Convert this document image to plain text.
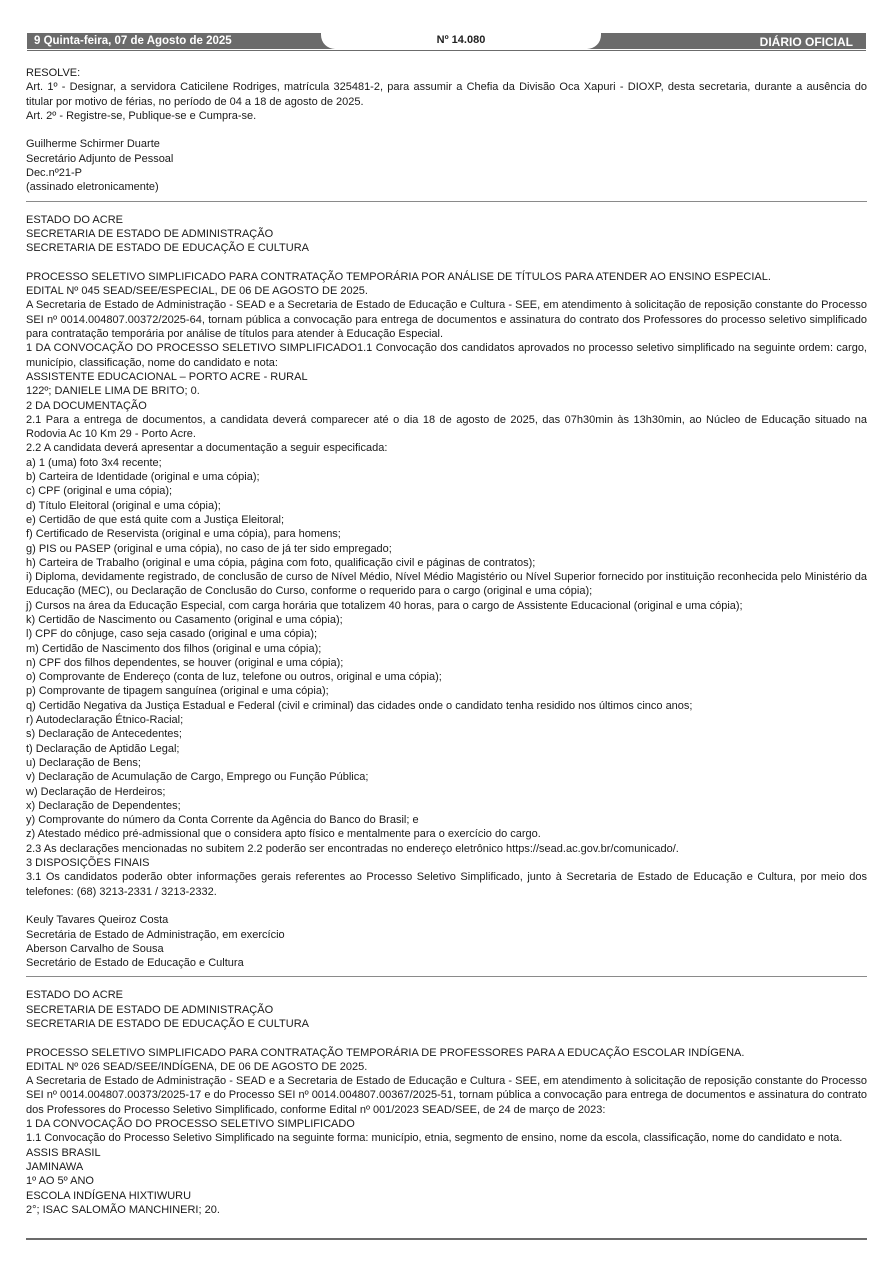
9 Quinta-feira, 07 de Agosto de 2025	Nº 14.080	DIÁRIO OFICIAL

RESOLVE:

Art. 1º - Designar, a servidora Caticilene Rodriges, matrícula 325481-2, para assumir a Chefia da Divisão Oca Xapuri - DIOXP, desta secretaria, durante a ausência do titular por motivo de férias, no período de 04 a 18 de agosto de 2025.

Art. 2º - Registre-se, Publique-se e Cumpra-se.

Guilherme Schirmer Duarte

Secretário Adjunto de Pessoal

Dec.nº21-P

(assinado eletronicamente)

ESTADO DO ACRE

SECRETARIA DE ESTADO DE ADMINISTRAÇÃO

SECRETARIA DE ESTADO DE EDUCAÇÃO E CULTURA

PROCESSO SELETIVO SIMPLIFICADO PARA CONTRATAÇÃO TEMPORÁRIA POR ANÁLISE DE TÍTULOS PARA ATENDER AO ENSINO ESPECIAL.

EDITAL Nº 045 SEAD/SEE/ESPECIAL, DE 06 DE AGOSTO DE 2025.

A Secretaria de Estado de Administração - SEAD e a Secretaria de Estado de Educação e Cultura - SEE, em atendimento à solicitação de reposição constante do Processo SEI nº 0014.004807.00372/2025-64, tornam pública a convocação para entrega de documentos e assinatura do contrato dos Professores do processo seletivo simplificado para contratação temporária por análise de títulos para atender à Educação Especial.

1 DA CONVOCAÇÃO DO PROCESSO SELETIVO SIMPLIFICADO1.1 Convocação dos candidatos aprovados no processo seletivo simplificado na seguinte ordem: cargo, município, classificação, nome do candidato e nota:

ASSISTENTE EDUCACIONAL – PORTO ACRE - RURAL

122º; DANIELE LIMA DE BRITO; 0.

2 DA DOCUMENTAÇÃO

2.1 Para a entrega de documentos, a candidata deverá comparecer até o dia 18 de agosto de 2025, das 07h30min às 13h30min, ao Núcleo de Educação situado na Rodovia Ac 10 Km 29 - Porto Acre.

2.2 A candidata deverá apresentar a documentação a seguir especificada:

a) 1 (uma) foto 3x4 recente;

b) Carteira de Identidade (original e uma cópia);

c) CPF (original e uma cópia);

d) Título Eleitoral (original e uma cópia);

e) Certidão de que está quite com a Justiça Eleitoral;

f) Certificado de Reservista (original e uma cópia), para homens;

g) PIS ou PASEP (original e uma cópia), no caso de já ter sido empregado;

h) Carteira de Trabalho (original e uma cópia, página com foto, qualificação civil e páginas de contratos);

i) Diploma, devidamente registrado, de conclusão de curso de Nível Médio, Nível Médio Magistério ou Nível Superior fornecido por instituição reconhecida pelo Ministério da Educação (MEC), ou Declaração de Conclusão do Curso, conforme o requerido para o cargo (original e uma cópia);

j) Cursos na área da Educação Especial, com carga horária que totalizem 40 horas, para o cargo de Assistente Educacional (original e uma cópia);

k) Certidão de Nascimento ou Casamento (original e uma cópia);

l) CPF do cônjuge, caso seja casado (original e uma cópia);

m) Certidão de Nascimento dos filhos (original e uma cópia);

n) CPF dos filhos dependentes, se houver (original e uma cópia);

o) Comprovante de Endereço (conta de luz, telefone ou outros, original e uma cópia);

p) Comprovante de tipagem sanguínea (original e uma cópia);

q) Certidão Negativa da Justiça Estadual e Federal (civil e criminal) das cidades onde o candidato tenha residido nos últimos cinco anos;

r) Autodeclaração Étnico-Racial;

s) Declaração de Antecedentes;

t) Declaração de Aptidão Legal;

u) Declaração de Bens;

v) Declaração de Acumulação de Cargo, Emprego ou Função Pública;

w) Declaração de Herdeiros;

x) Declaração de Dependentes;

y) Comprovante do número da Conta Corrente da Agência do Banco do Brasil; e

z) Atestado médico pré-admissional que o considera apto físico e mentalmente para o exercício do cargo.

2.3 As declarações mencionadas no subitem 2.2 poderão ser encontradas no endereço eletrônico https://sead.ac.gov.br/comunicado/.

3 DISPOSIÇÕES FINAIS

3.1 Os candidatos poderão obter informações gerais referentes ao Processo Seletivo Simplificado, junto à Secretaria de Estado de Educação e Cultura, por meio dos telefones: (68) 3213-2331 / 3213-2332.

Keuly Tavares Queiroz Costa

Secretária de Estado de Administração, em exercício

Aberson Carvalho de Sousa

Secretário de Estado de Educação e Cultura

ESTADO DO ACRE

SECRETARIA DE ESTADO DE ADMINISTRAÇÃO

SECRETARIA DE ESTADO DE EDUCAÇÃO E CULTURA

PROCESSO SELETIVO SIMPLIFICADO PARA CONTRATAÇÃO TEMPORÁRIA DE PROFESSORES PARA A EDUCAÇÃO ESCOLAR INDÍGENA.

EDITAL Nº 026 SEAD/SEE/INDÍGENA, DE 06 DE AGOSTO DE 2025.

A Secretaria de Estado de Administração - SEAD e a Secretaria de Estado de Educação e Cultura - SEE, em atendimento à solicitação de reposição constante do Processo SEI nº 0014.004807.00373/2025-17 e do Processo SEI nº 0014.004807.00367/2025-51, tornam pública a convocação para entrega de documentos e assinatura do contrato dos Professores do Processo Seletivo Simplificado, conforme Edital nº 001/2023 SEAD/SEE, de 24 de março de 2023:

1 DA CONVOCAÇÃO DO PROCESSO SELETIVO SIMPLIFICADO

1.1 Convocação do Processo Seletivo Simplificado na seguinte forma: município, etnia, segmento de ensino, nome da escola, classificação, nome do candidato e nota.

ASSIS BRASIL

JAMINAWA

1º AO 5º ANO

ESCOLA INDÍGENA HIXTIWURU

2°; ISAC SALOMÃO MANCHINERI; 20.
